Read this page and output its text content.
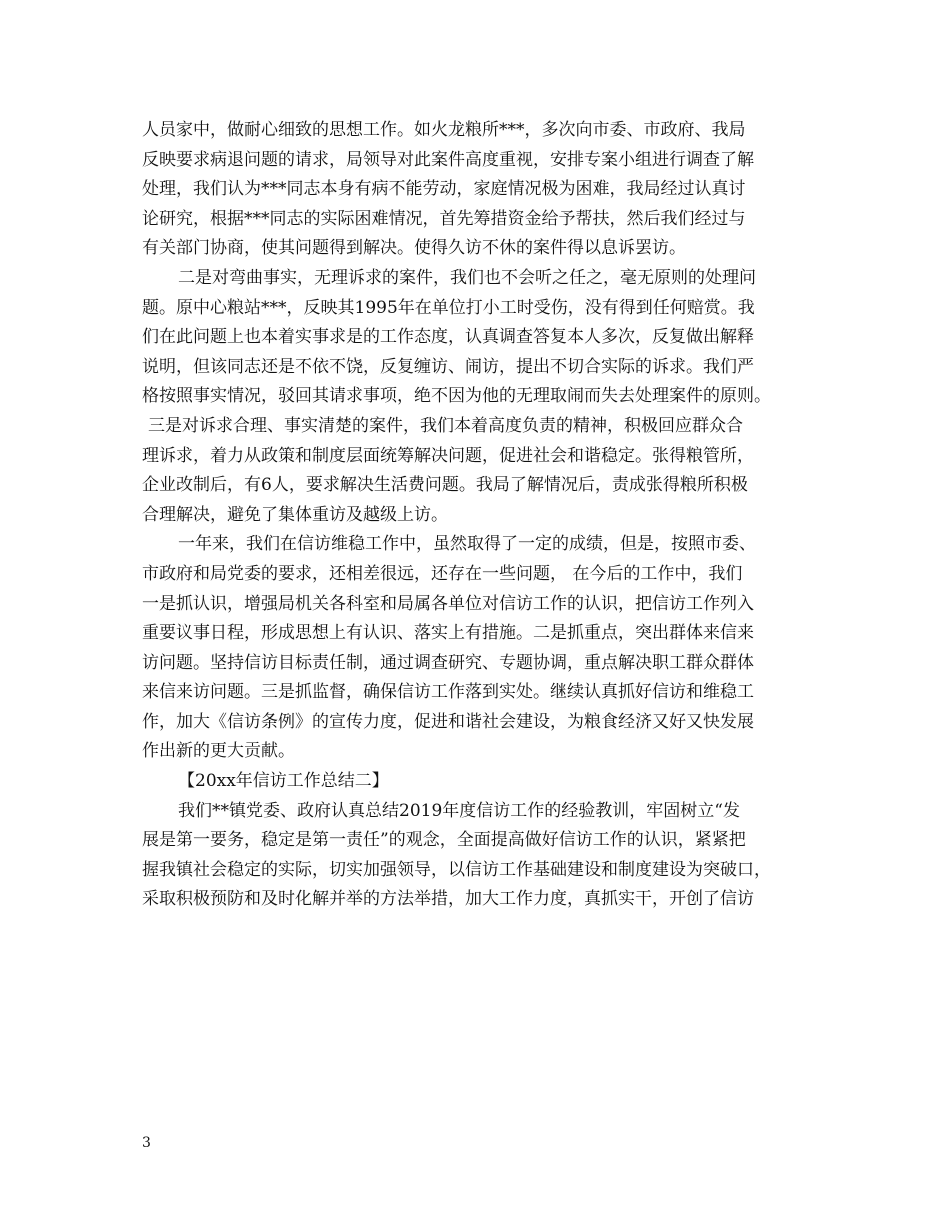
人员家中，做耐心细致的思想工作。如火龙粮所***，多次向市委、市政府、我局
反映要求病退问题的请求，局领导对此案件高度重视，安排专案小组进行调查了解
处理，我们认为***同志本身有病不能劳动，家庭情况极为困难，我局经过认真讨
论研究，根据***同志的实际困难情况，首先筹措资金给予帮扶，然后我们经过与
有关部门协商，使其问题得到解决。使得久访不休的案件得以息诉罢访。
二是对弯曲事实，无理诉求的案件，我们也不会听之任之，毫无原则的处理问
题。原中心粮站***，反映其1995年在单位打小工时受伤，没有得到任何赔赏。我
们在此问题上也本着实事求是的工作态度，认真调查答复本人多次，反复做出解释
说明，但该同志还是不依不饶，反复缠访、闹访，提出不切合实际的诉求。我们严
格按照事实情况，驳回其请求事项，绝不因为他的无理取闹而失去处理案件的原则。
三是对诉求合理、事实清楚的案件，我们本着高度负责的精神，积极回应群众合
理诉求，着力从政策和制度层面统筹解决问题，促进社会和谐稳定。张得粮管所，
企业改制后，有6人，要求解决生活费问题。我局了解情况后，责成张得粮所积极
合理解决，避免了集体重访及越级上访。
一年来，我们在信访维稳工作中，虽然取得了一定的成绩，但是，按照市委、
市政府和局党委的要求，还相差很远，还存在一些问题， 在今后的工作中，我们
一是抓认识，增强局机关各科室和局属各单位对信访工作的认识，把信访工作列入
重要议事日程，形成思想上有认识、落实上有措施。二是抓重点，突出群体来信来
访问题。坚持信访目标责任制，通过调查研究、专题协调，重点解决职工群众群体
来信来访问题。三是抓监督，确保信访工作落到实处。继续认真抓好信访和维稳工
作，加大《信访条例》的宣传力度，促进和谐社会建设，为粮食经济又好又快发展
作出新的更大贡献。
【20xx年信访工作总结二】
我们**镇党委、政府认真总结2019年度信访工作的经验教训，牢固树立“发
展是第一要务，稳定是第一责任”的观念，全面提高做好信访工作的认识，紧紧把
握我镇社会稳定的实际，切实加强领导，以信访工作基础建设和制度建设为突破口，
采取积极预防和及时化解并举的方法举措，加大工作力度，真抓实干，开创了信访
3
